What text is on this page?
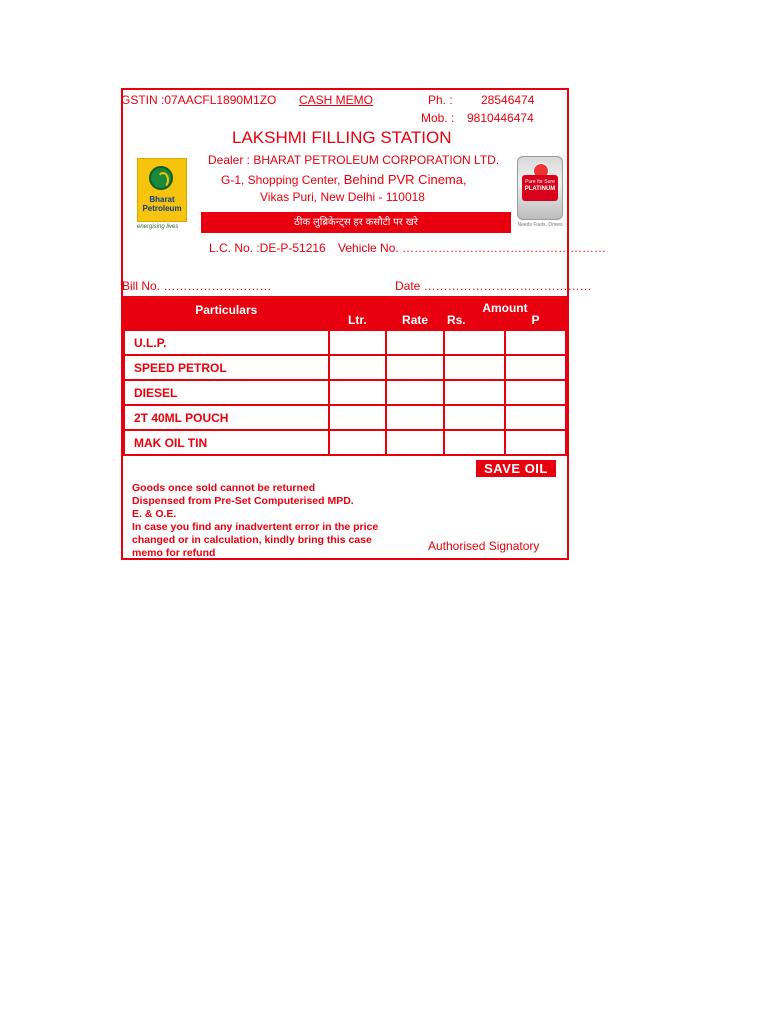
GSTIN :07AACFL1890M1ZO CASH MEMO	Ph. : 28546474
Mob. : 9810446474
LAKSHMI FILLING STATION
Dealer : BHARAT PETROLEUM CORPORATION LTD.
G-1, Shopping Center, Behind PVR Cinema,
Vikas Puri, New Delhi - 110018
ठीक लुब्रिकेन्ट्स हर कसौटी पर खरे
L.C. No. :DE-P-51216 Vehicle No. ……………………………………………
Bharat
Petroleum
energising lives
Pure for Sure
PLATINUM
Needs Fuels. Drives
Bill No. ………………………	Date ……………………………………
Particulars	Ltr.	Rate	Amount
Rs. P	

U.L.P.				
SPEED PETROL				
DIESEL				
2T 40ML POUCH				
MAK OIL TIN				
SAVE OIL
Goods once sold cannot be returned
Dispensed from Pre-Set Computerised MPD.
E. & O.E.
In case you find any inadvertent error in the price
changed or in calculation, kindly bring this case
memo for refund	Authorised Signatory
